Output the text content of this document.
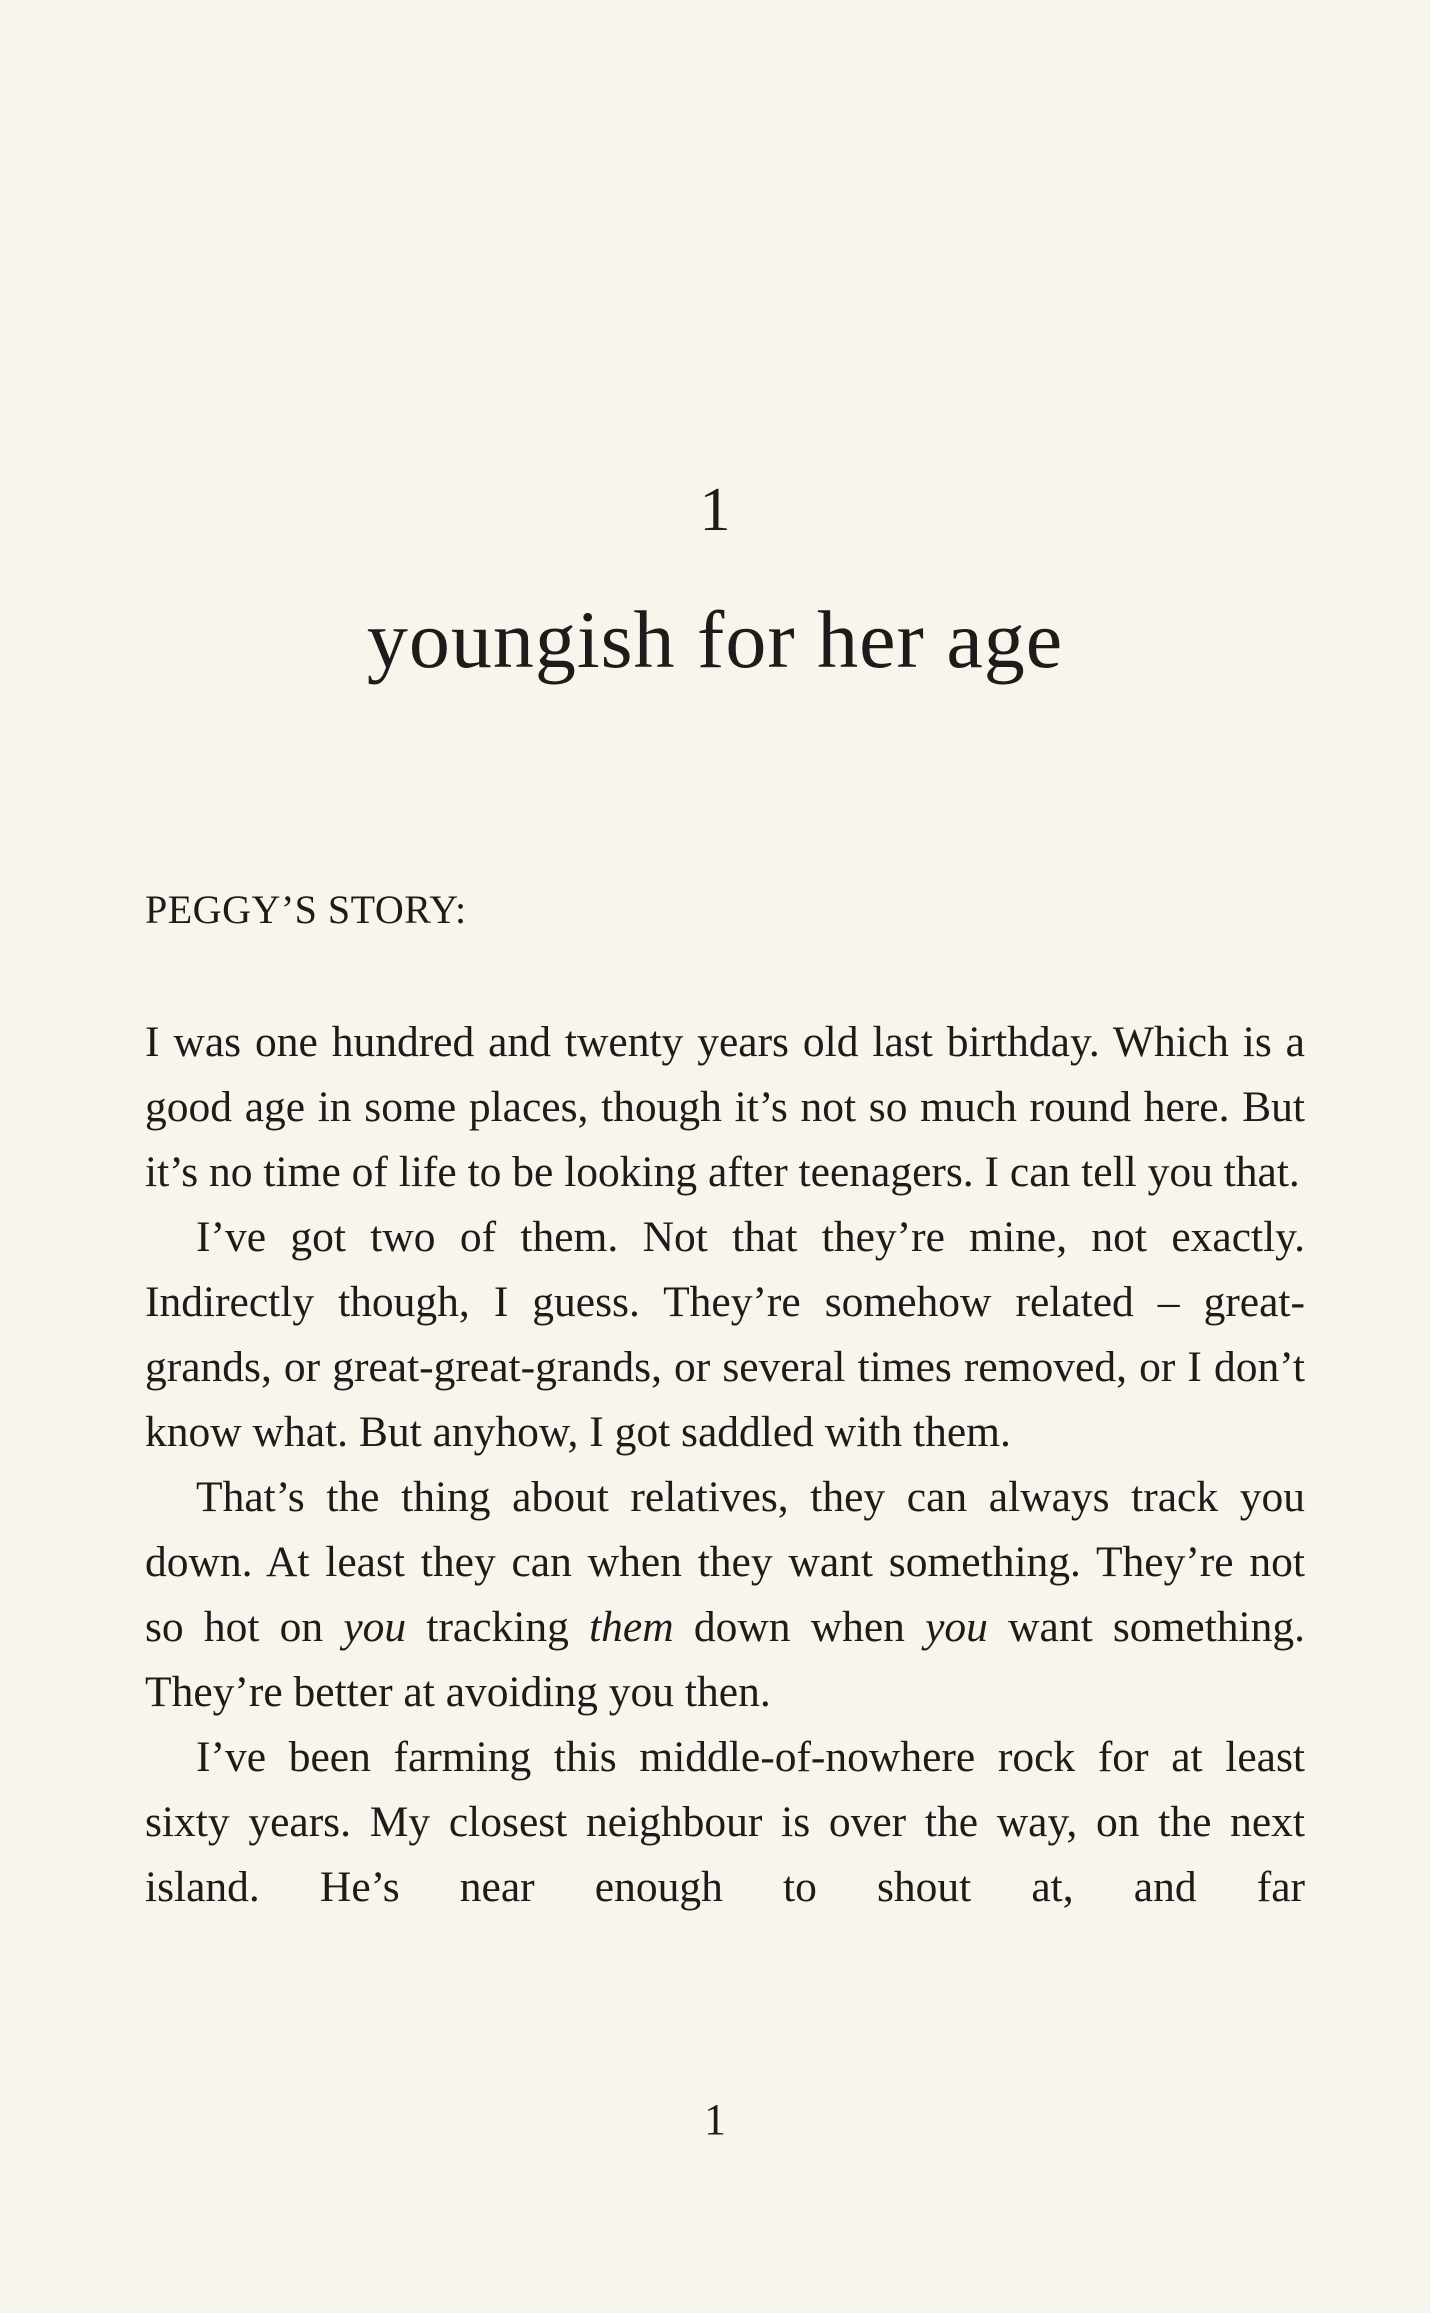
1
youngish for her age
PEGGY’S STORY:

I was one hundred and twenty years old last birthday. Which is a good age in some places, though it’s not so much round here. But it’s no time of life to be looking after teenagers. I can tell you that.

I’ve got two of them. Not that they’re mine, not exactly. Indirectly though, I guess. They’re somehow related – great-grands, or great-great-grands, or several times removed, or I don’t know what. But anyhow, I got saddled with them.

That’s the thing about relatives, they can always track you down. At least they can when they want something. They’re not so hot on you tracking them down when you want something. They’re better at avoiding you then.

I’ve been farming this middle-of-nowhere rock for at least sixty years. My closest neighbour is over the way, on the next island. He’s near enough to shout at, and far

1
